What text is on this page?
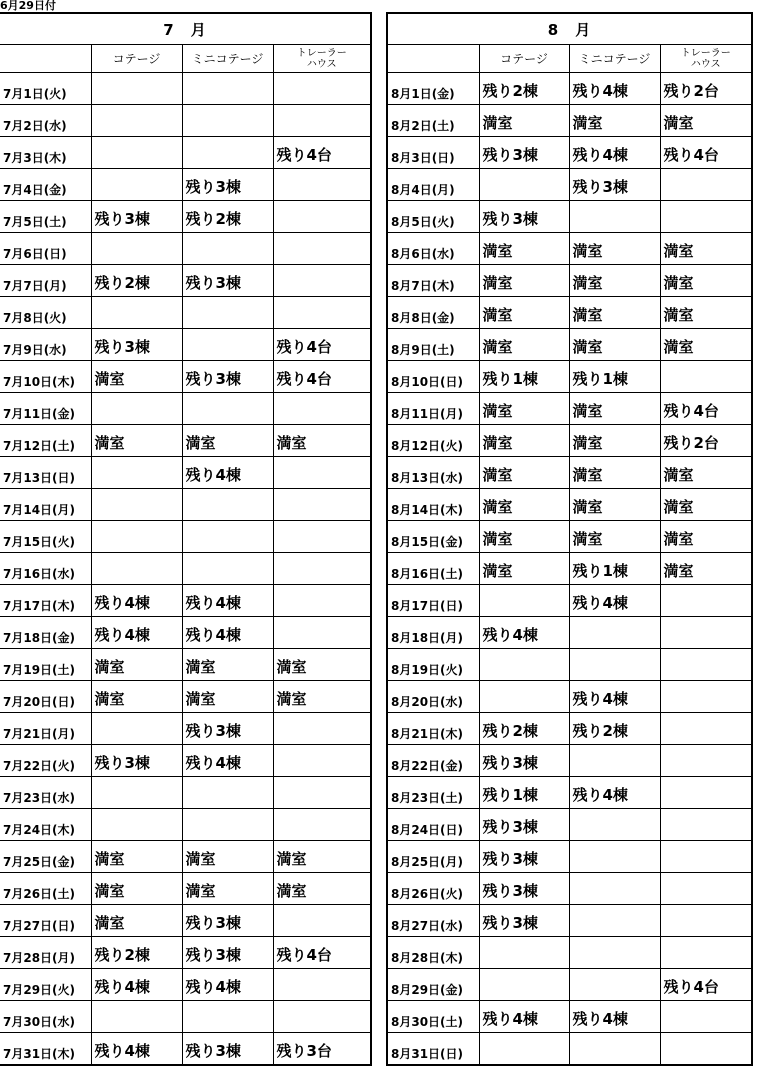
6月29日付
7　月			
	コテージ	ミニコテージ	トレーラー
ハウス
7月1日(火)			
7月2日(水)			
7月3日(木)			残り4台
7月4日(金)		残り3棟	
7月5日(土)	残り3棟	残り2棟	
7月6日(日)			
7月7日(月)	残り2棟	残り3棟	
7月8日(火)			
7月9日(水)	残り3棟		残り4台
7月10日(木)	満室	残り3棟	残り4台
7月11日(金)			
7月12日(土)	満室	満室	満室
7月13日(日)		残り4棟	
7月14日(月)			
7月15日(火)			
7月16日(水)			
7月17日(木)	残り4棟	残り4棟	
7月18日(金)	残り4棟	残り4棟	
7月19日(土)	満室	満室	満室
7月20日(日)	満室	満室	満室
7月21日(月)		残り3棟	
7月22日(火)	残り3棟	残り4棟	
7月23日(水)			
7月24日(木)			
7月25日(金)	満室	満室	満室
7月26日(土)	満室	満室	満室
7月27日(日)	満室	残り3棟	
7月28日(月)	残り2棟	残り3棟	残り4台
7月29日(火)	残り4棟	残り4棟	
7月30日(水)			
7月31日(木)	残り4棟	残り3棟	残り3台
8　月			
	コテージ	ミニコテージ	トレーラー
ハウス
8月1日(金)	残り2棟	残り4棟	残り2台
8月2日(土)	満室	満室	満室
8月3日(日)	残り3棟	残り4棟	残り4台
8月4日(月)		残り3棟	
8月5日(火)	残り3棟		
8月6日(水)	満室	満室	満室
8月7日(木)	満室	満室	満室
8月8日(金)	満室	満室	満室
8月9日(土)	満室	満室	満室
8月10日(日)	残り1棟	残り1棟	
8月11日(月)	満室	満室	残り4台
8月12日(火)	満室	満室	残り2台
8月13日(水)	満室	満室	満室
8月14日(木)	満室	満室	満室
8月15日(金)	満室	満室	満室
8月16日(土)	満室	残り1棟	満室
8月17日(日)		残り4棟	
8月18日(月)	残り4棟		
8月19日(火)			
8月20日(水)		残り4棟	
8月21日(木)	残り2棟	残り2棟	
8月22日(金)	残り3棟		
8月23日(土)	残り1棟	残り4棟	
8月24日(日)	残り3棟		
8月25日(月)	残り3棟		
8月26日(火)	残り3棟		
8月27日(水)	残り3棟		
8月28日(木)			
8月29日(金)			残り4台
8月30日(土)	残り4棟	残り4棟	
8月31日(日)			
